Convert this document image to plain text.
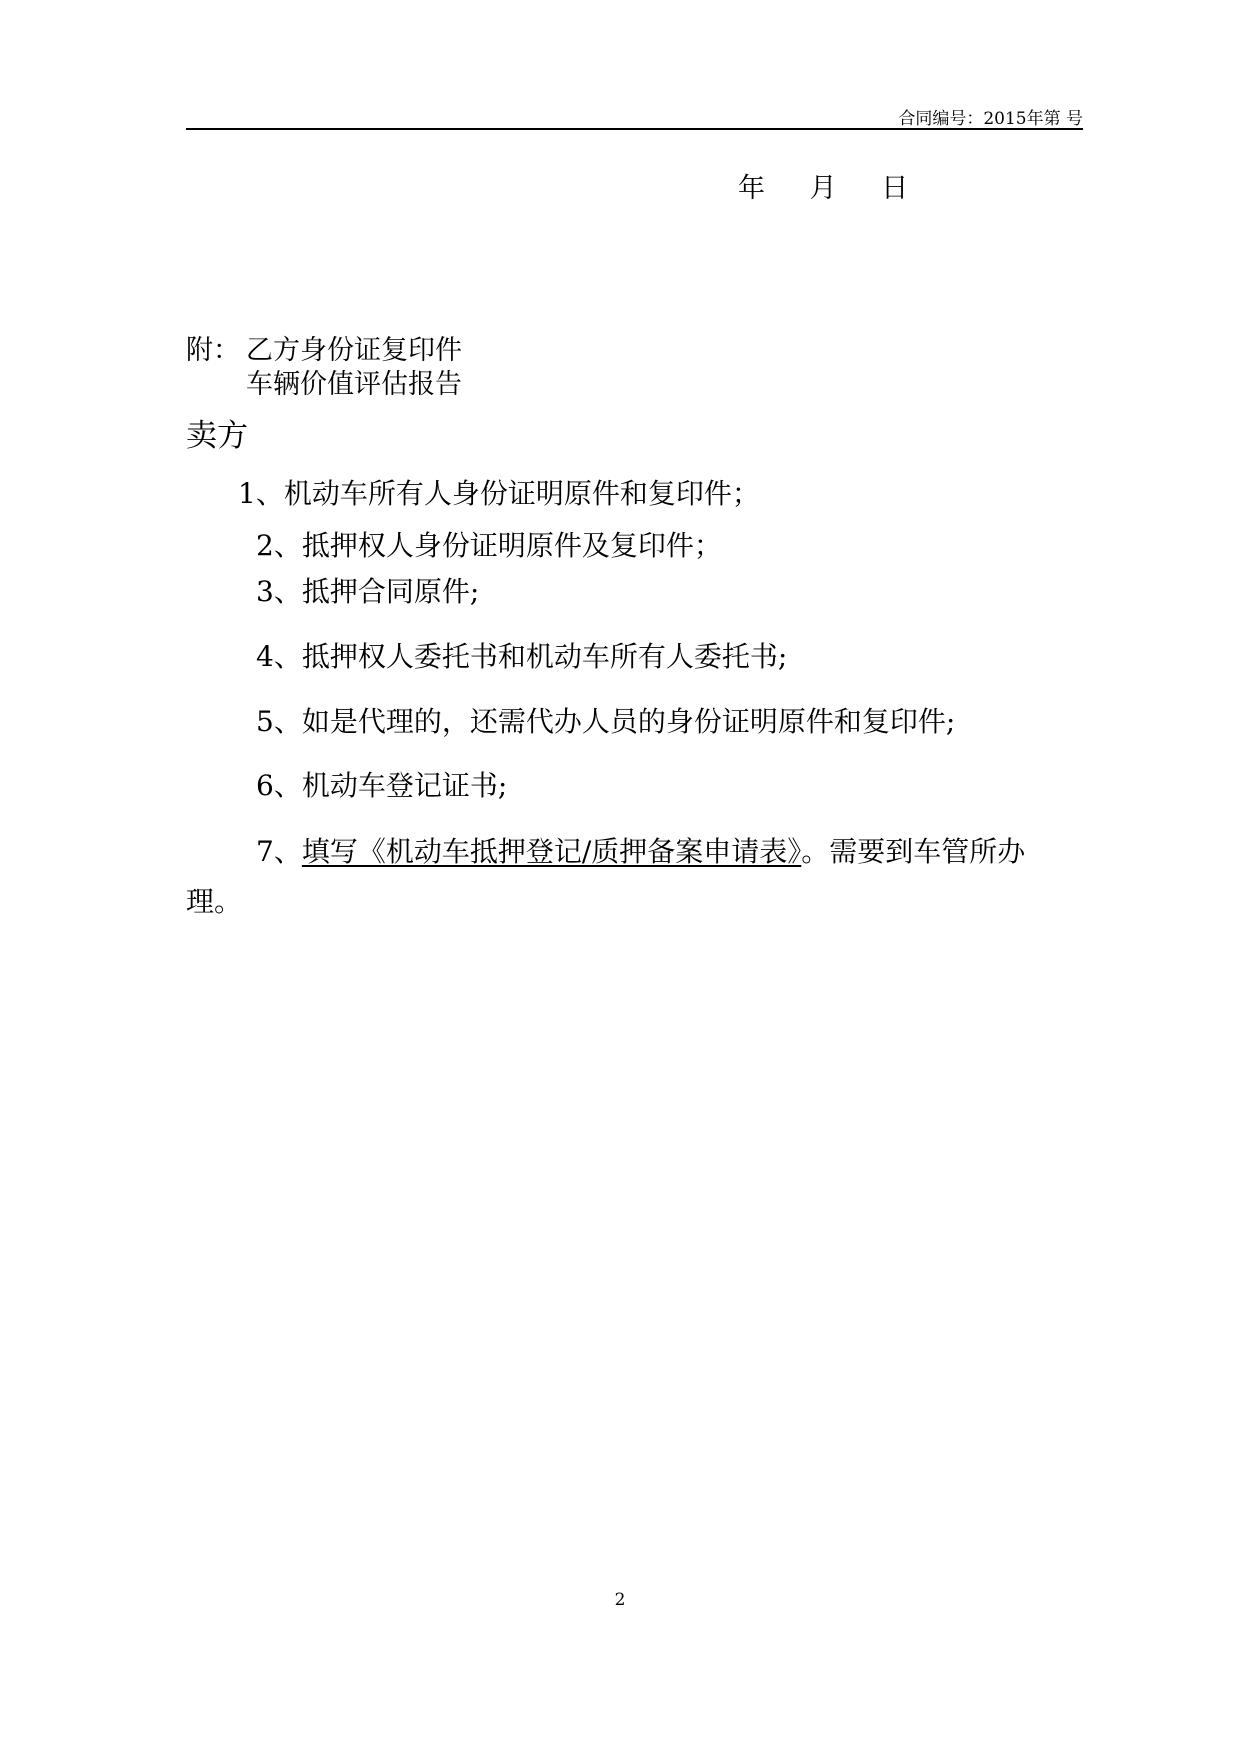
合同编号：2015年第 号
年 月 日
附： 乙方身份证复印件
车辆价值评估报告
卖方
1、机动车所有人身份证明原件和复印件；
2、抵押权人身份证明原件及复印件；
3、抵押合同原件;
4、抵押权人委托书和机动车所有人委托书;
5、如是代理的，还需代办人员的身份证明原件和复印件;
6、机动车登记证书;
7、填写《机动车抵押登记/质押备案申请表》。需要到车管所办
理。
2
